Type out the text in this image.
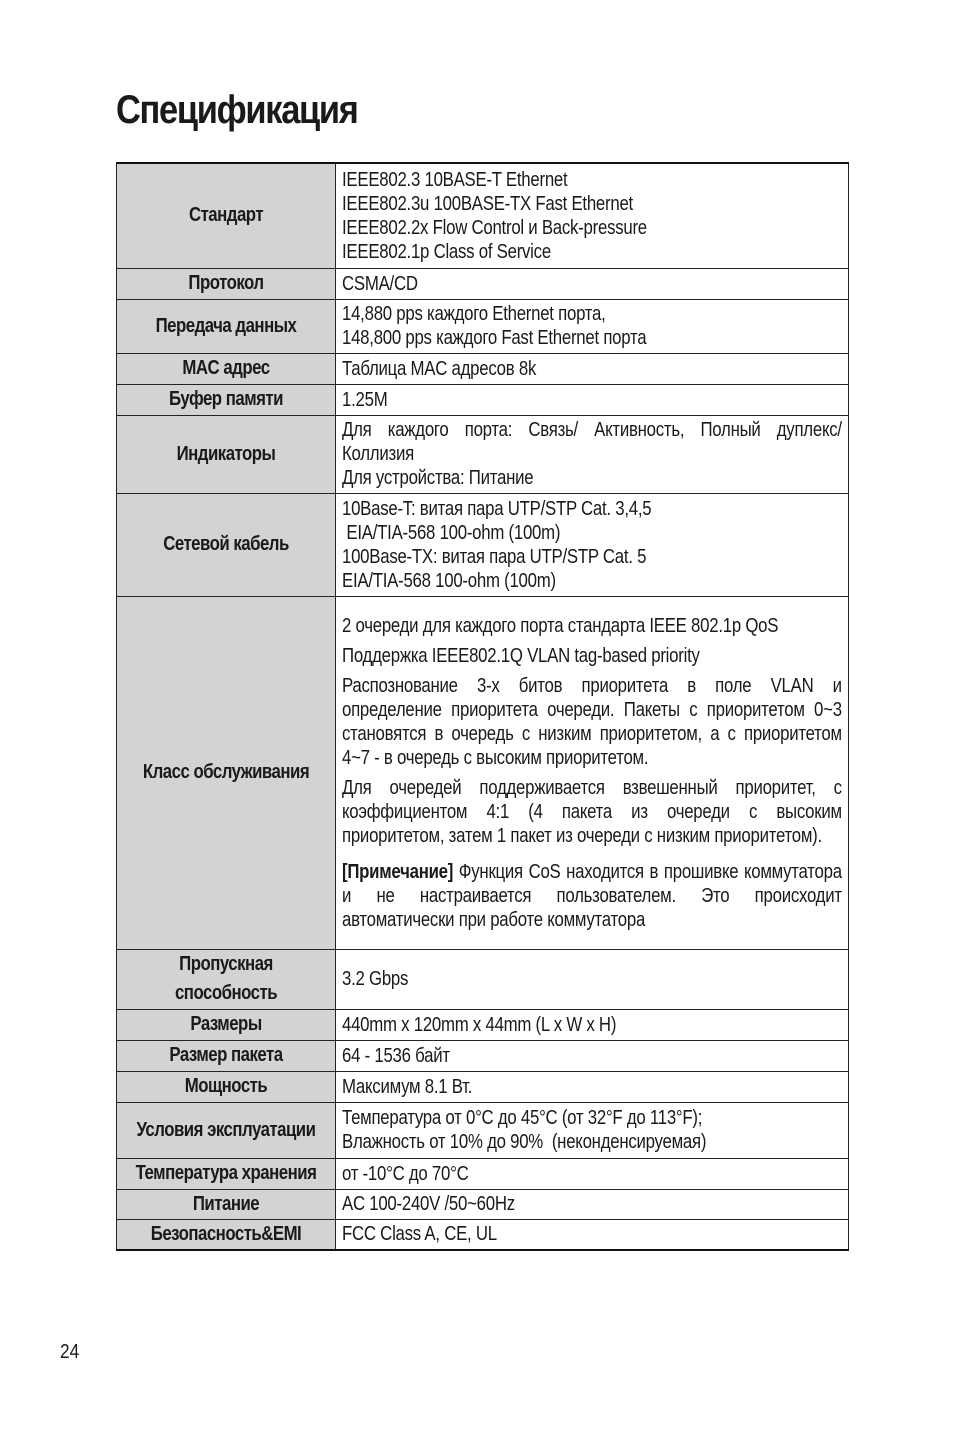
Спецификация
Стандарт	IEEE802.3 10BASE-T Ethernet
IEEE802.3u 100BASE-TX Fast Ethernet
IEEE802.2x Flow Control и Back-pressure
IEEE802.1p Class of Service

Протокол	CSMA/CD

Передача данных	14,880 pps каждого Ethernet порта,
148,800 pps каждого Fast Ethernet порта

MAC адрес	Таблица MAC адресов 8k

Буфер памяти	1.25M

Индикаторы	Для каждого порта: Связь/ Активность, Полный дуплекс/ Коллизия
Для устройства: Питание

Сетевой кабель	10Base-T: витая пара UTP/STP Cat. 3,4,5
EIA/TIA-568 100-ohm (100m)
100Base-TX: витая пара UTP/STP Cat. 5
EIA/TIA-568 100-ohm (100m)

Класс обслуживания	2 очереди для каждого порта стандарта IEEE 802.1p QoS
Поддержка IEEE802.1Q VLAN tag-based priority
Распознование 3-х битов приоритета в поле VLAN и определение приоритета очереди. Пакеты с приоритетом 0~3 становятся в очередь с низким приоритетом, а с приоритетом 4~7 - в очередь с высоким приоритетом.
Для очередей поддерживается взвешенный приоритет, с коэффициентом 4:1 (4 пакета из очереди с высоким приоритетом, затем 1 пакет из очереди с низким приоритетом).
[Примечание] Функция CoS находится в прошивке коммутатора и не настраивается пользователем. Это происходит автоматически при работе коммутатора

Пропускная способность	3.2 Gbps

Размеры	440mm x 120mm x 44mm (L x W x H)

Размер пакета	64 - 1536 байт

Мощность	Максимум 8.1 Вт.

Условия эксплуатации	Температура от 0°C до 45°C (от 32°F до 113°F);
Влажность от 10% до 90%  (неконденсируемая)

Температура хранения	от -10°C до 70°C

Питание	AC 100-240V /50~60Hz

Безопасность&EMI	FCC Class A, CE, UL
24
